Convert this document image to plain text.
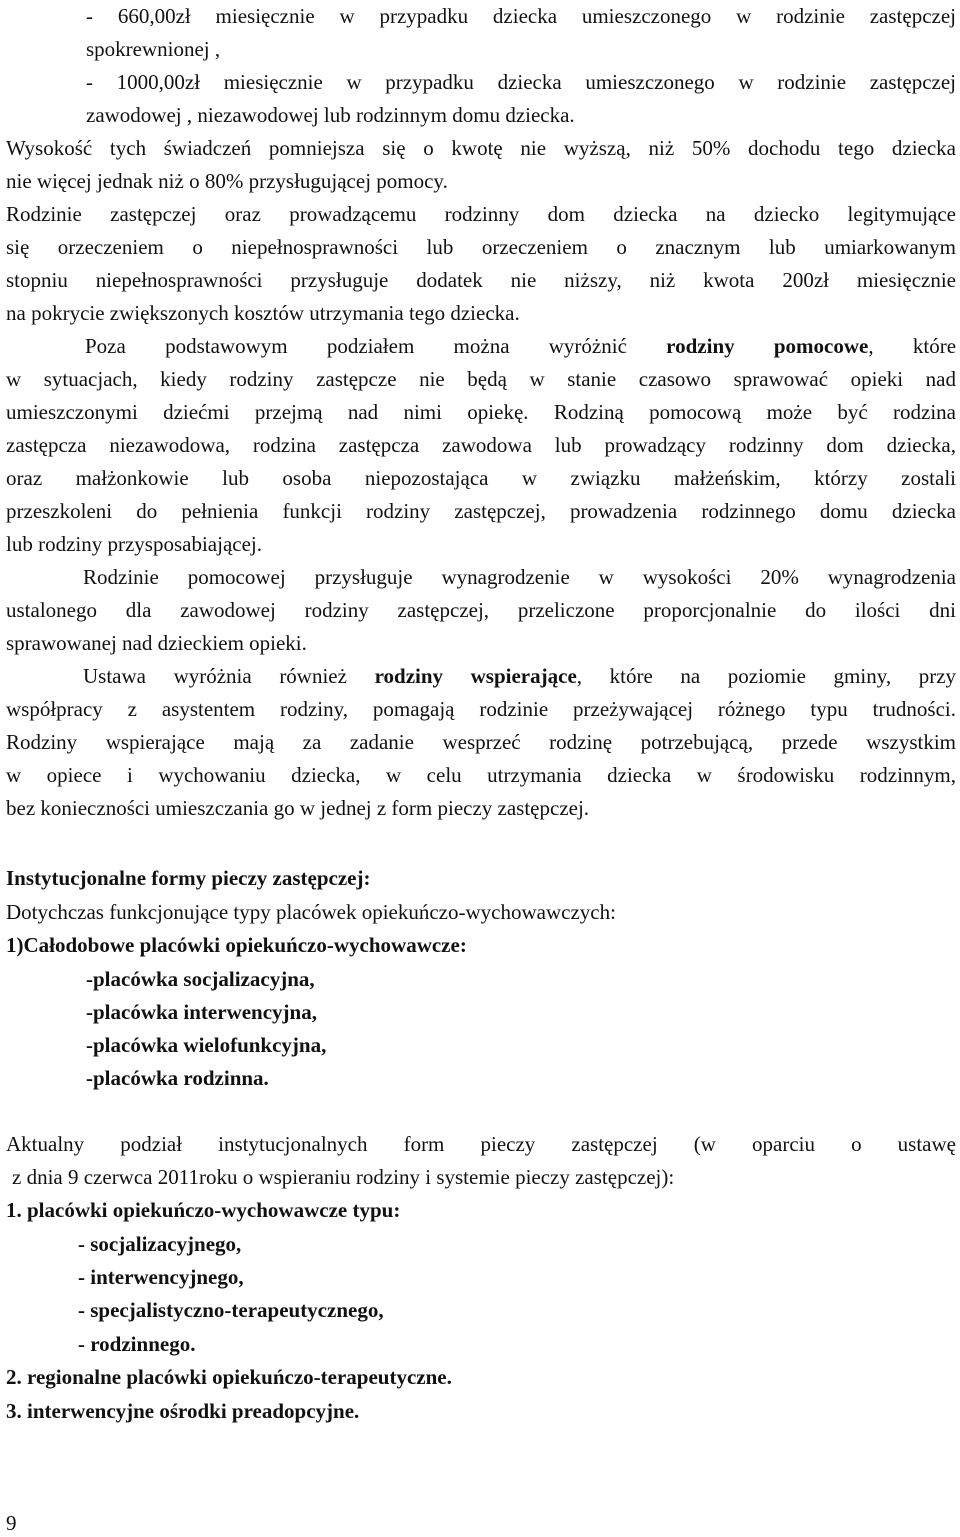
- 660,00zł miesięcznie w przypadku dziecka umieszczonego w rodzinie zastępczej
spokrewnionej ,
- 1000,00zł miesięcznie w przypadku dziecka umieszczonego w rodzinie zastępczej
zawodowej , niezawodowej lub rodzinnym domu dziecka.
Wysokość tych świadczeń pomniejsza się o kwotę nie wyższą, niż 50% dochodu tego dziecka
nie więcej jednak niż o 80% przysługującej pomocy.
Rodzinie zastępczej oraz prowadzącemu rodzinny dom dziecka na dziecko legitymujące
się orzeczeniem o niepełnosprawności lub orzeczeniem o znacznym lub umiarkowanym
stopniu niepełnosprawności przysługuje dodatek nie niższy, niż kwota 200zł miesięcznie
na pokrycie zwiększonych kosztów utrzymania tego dziecka.
Poza podstawowym podziałem można wyróżnić rodziny pomocowe, które
w sytuacjach, kiedy rodziny zastępcze nie będą w stanie czasowo sprawować opieki nad
umieszczonymi dziećmi przejmą nad nimi opiekę. Rodziną pomocową może być rodzina
zastępcza niezawodowa, rodzina zastępcza zawodowa lub prowadzący rodzinny dom dziecka,
oraz małżonkowie lub osoba niepozostająca w związku małżeńskim, którzy zostali
przeszkoleni do pełnienia funkcji rodziny zastępczej, prowadzenia rodzinnego domu dziecka
lub rodziny przysposabiającej.
Rodzinie pomocowej przysługuje wynagrodzenie w wysokości 20% wynagrodzenia
ustalonego dla zawodowej rodziny zastępczej, przeliczone proporcjonalnie do ilości dni
sprawowanej nad dzieckiem opieki.
Ustawa wyróżnia również rodziny wspierające, które na poziomie gminy, przy
współpracy z asystentem rodziny, pomagają rodzinie przeżywającej różnego typu trudności.
Rodziny wspierające mają za zadanie wesprzeć rodzinę potrzebującą, przede wszystkim
w opiece i wychowaniu dziecka, w celu utrzymania dziecka w środowisku rodzinnym,
bez konieczności umieszczania go w jednej z form pieczy zastępczej.
Instytucjonalne formy pieczy zastępczej:
Dotychczas funkcjonujące typy placówek opiekuńczo-wychowawczych:
1)Całodobowe placówki opiekuńczo-wychowawcze:
-placówka socjalizacyjna,
-placówka interwencyjna,
-placówka wielofunkcyjna,
-placówka rodzinna.
Aktualny podział instytucjonalnych form pieczy zastępczej (w oparciu o ustawę
z dnia 9 czerwca 2011roku o wspieraniu rodziny i systemie pieczy zastępczej):
1. placówki opiekuńczo-wychowawcze typu:
- socjalizacyjnego,
- interwencyjnego,
- specjalistyczno-terapeutycznego,
- rodzinnego.
2. regionalne placówki opiekuńczo-terapeutyczne.
3. interwencyjne ośrodki preadopcyjne.
9
